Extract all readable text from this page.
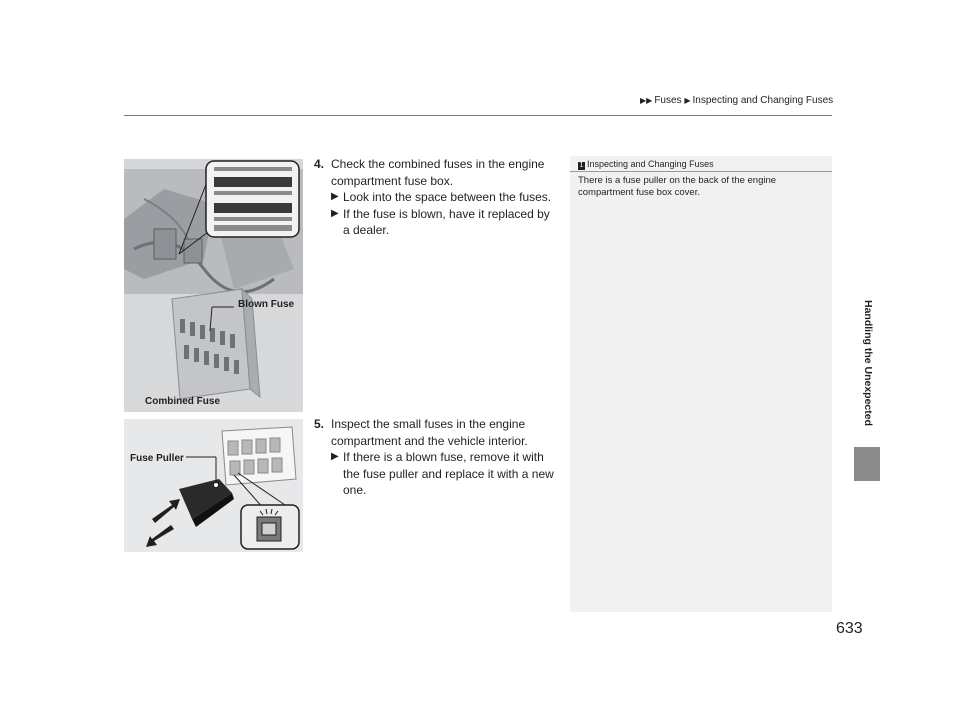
▶▶ Fuses ▶ Inspecting and Changing Fuses
Handling the Unexpected
Blown Fuse
Combined Fuse
Fuse Puller
4. Check the combined fuses in the engine compartment fuse box.
▶ Look into the space between the fuses.
▶ If the fuse is blown, have it replaced by a dealer.
5. Inspect the small fuses in the engine compartment and the vehicle interior.
▶ If there is a blown fuse, remove it with the fuse puller and replace it with a new one.
1 Inspecting and Changing Fuses
There is a fuse puller on the back of the engine compartment fuse box cover.
633
